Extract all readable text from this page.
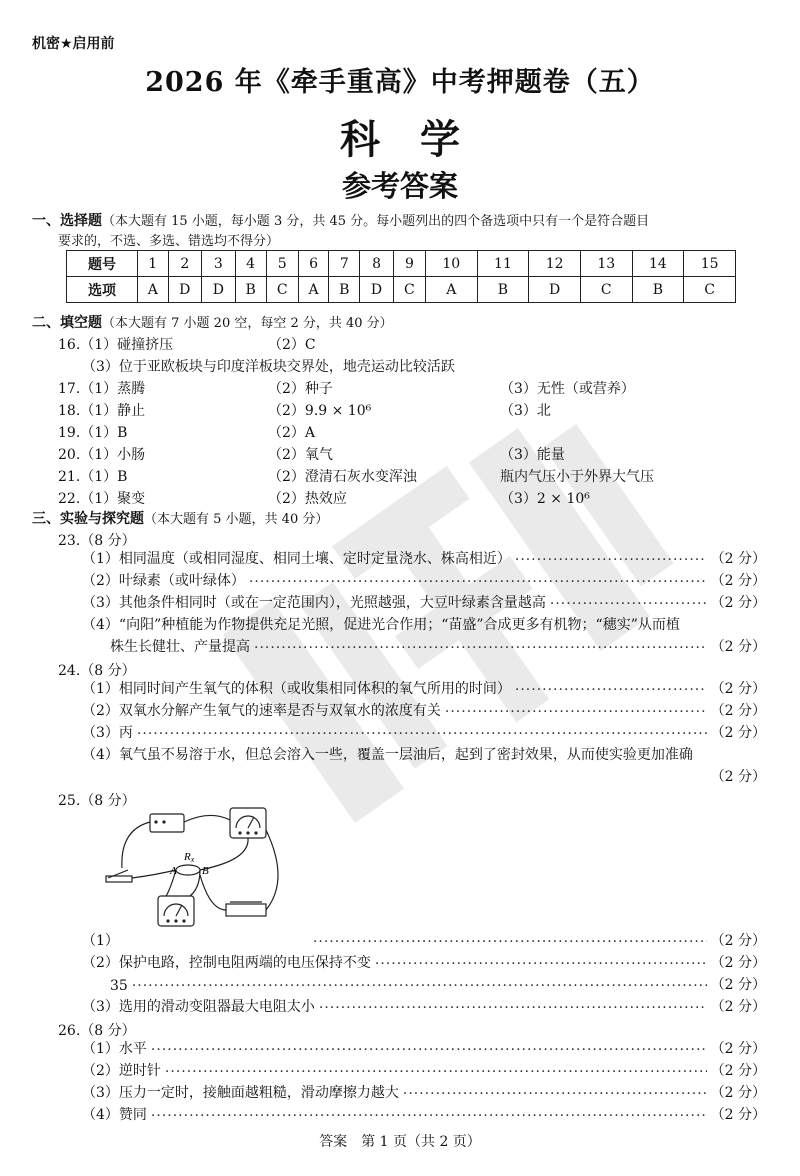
机密★启用前
2026 年《牵手重高》中考押题卷（五）
科学
参考答案
一、选择题（本大题有 15 小题，每小题 3 分，共 45 分。每小题列出的四个备选项中只有一个是符合题目
要求的，不选、多选、错选均不得分）
题号	1	2	3	4	5	6	7	8	9	10	11	12	13	14	15
选项	A	D	D	B	C	A	B	D	C	A	B	D	C	B	C
二、填空题（本大题有 7 小题 20 空，每空 2 分，共 40 分）
16.（1）碰撞挤压	（2）C
（3）位于亚欧板块与印度洋板块交界处，地壳运动比较活跃
17.（1）蒸腾	（2）种子	（3）无性（或营养）
18.（1）静止	（2）9.9 × 10⁶	（3）北
19.（1）B	（2）A
20.（1）小肠	（2）氧气	（3）能量
21.（1）B	（2）澄清石灰水变浑浊	瓶内气压小于外界大气压
22.（1）聚变	（2）热效应	（3）2 × 10⁶
三、实验与探究题（本大题有 5 小题，共 40 分）
23.（8 分）
（1）相同温度（或相同湿度、相同土壤、定时定量浇水、株高相近） ·····	（2 分）
（2）叶绿素（或叶绿体） ·····	（2 分）
（3）其他条件相同时（或在一定范围内），光照越强，大豆叶绿素含量越高 ·····	（2 分）
（4）“向阳”种植能为作物提供充足光照，促进光合作用；“苗盛”合成更多有机物；“穗实”从而植
株生长健壮、产量提高 ·····	（2 分）
24.（8 分）
（1）相同时间产生氧气的体积（或收集相同体积的氧气所用的时间） ·····	（2 分）
（2）双氧水分解产生氧气的速率是否与双氧水的浓度有关 ·····	（2 分）
（3）丙 ·····	（2 分）
（4）氧气虽不易溶于水，但总会溶入一些，覆盖一层油后，起到了密封效果，从而使实验更加准确
（2 分）
25.（8 分）
Rx
A B
（1） ·····	（2 分）
（2）保护电路，控制电阻两端的电压保持不变 ·····	（2 分）
35 ·····	（2 分）
（3）选用的滑动变阻器最大电阻太小 ·····	（2 分）
26.（8 分）
（1）水平 ·····	（2 分）
（2）逆时针 ·····	（2 分）
（3）压力一定时，接触面越粗糙，滑动摩擦力越大 ·····	（2 分）
（4）赞同 ·····	（2 分）
答案　第 1 页（共 2 页）
